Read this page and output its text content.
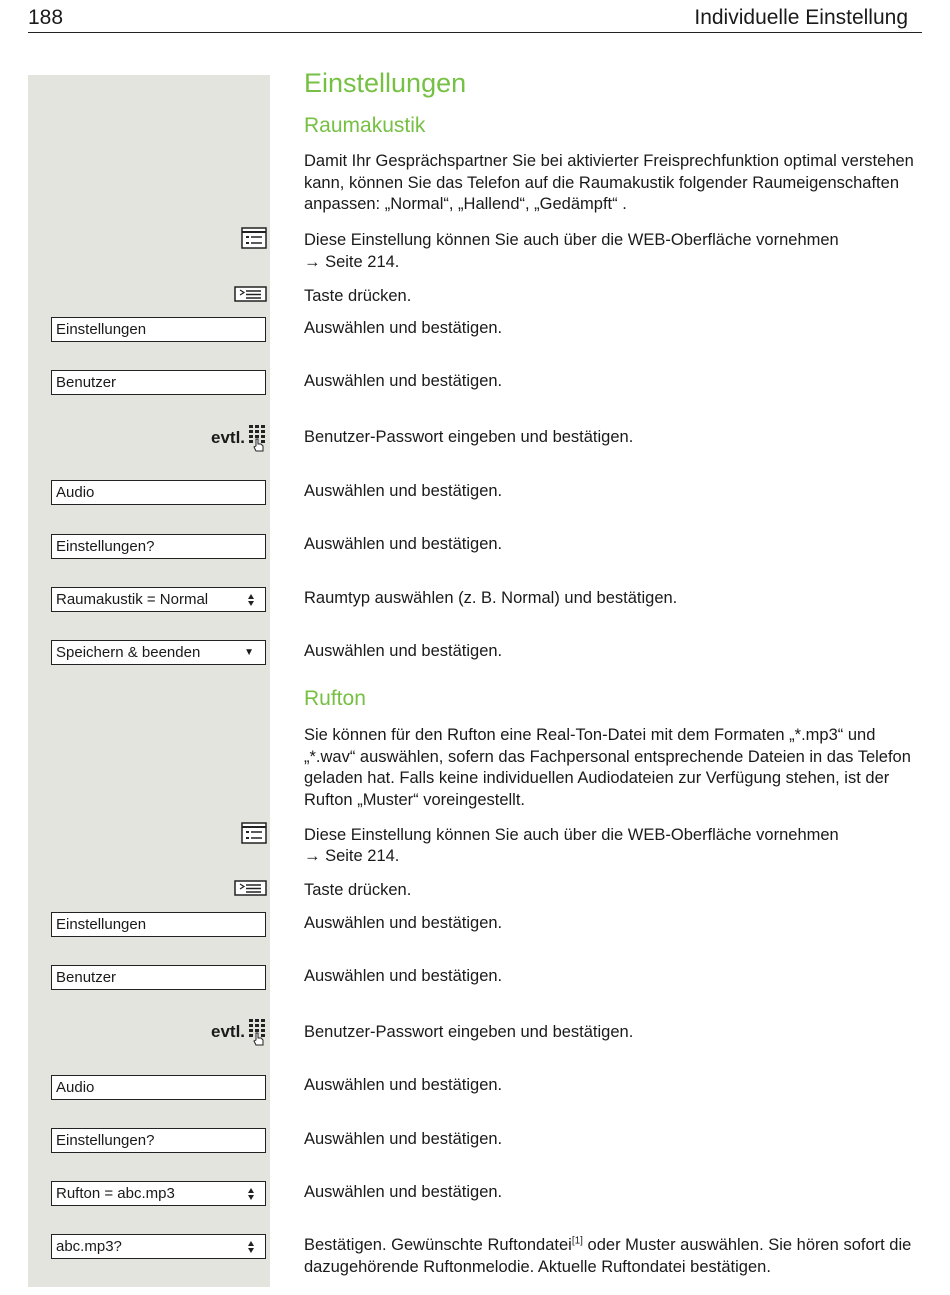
188	Individuelle Einstellung
Einstellungen
Raumakustik
Damit Ihr Gesprächspartner Sie bei aktivierter Freisprechfunktion optimal verstehen kann, können Sie das Telefon auf die Raumakustik folgender Raumeigenschaften anpassen: „Normal“, „Hallend“, „Gedämpft“ .
Diese Einstellung können Sie auch über die WEB-Oberfläche vornehmen
→ Seite 214.
Taste drücken.
Einstellungen	Auswählen und bestätigen.
Benutzer	Auswählen und bestätigen.
evtl.	Benutzer-Passwort eingeben und bestätigen.
Audio	Auswählen und bestätigen.
Einstellungen?	Auswählen und bestätigen.
Raumakustik = Normal	Raumtyp auswählen (z. B. Normal) und bestätigen.
Speichern & beenden	▼	Auswählen und bestätigen.
Rufton
Sie können für den Rufton eine Real-Ton-Datei mit dem Formaten „*.mp3“ und „*.wav“ auswählen, sofern das Fachpersonal entsprechende Dateien in das Telefon geladen hat. Falls keine individuellen Audiodateien zur Verfügung stehen, ist der Rufton „Muster“ voreingestellt.
Diese Einstellung können Sie auch über die WEB-Oberfläche vornehmen
→ Seite 214.
Taste drücken.
Einstellungen	Auswählen und bestätigen.
Benutzer	Auswählen und bestätigen.
evtl.	Benutzer-Passwort eingeben und bestätigen.
Audio	Auswählen und bestätigen.
Einstellungen?	Auswählen und bestätigen.
Rufton = abc.mp3	Auswählen und bestätigen.
abc.mp3?	Bestätigen. Gewünschte Ruftondatei[1] oder Muster auswählen. Sie hören sofort die dazugehörende Ruftonmelodie. Aktuelle Ruftondatei bestätigen.
